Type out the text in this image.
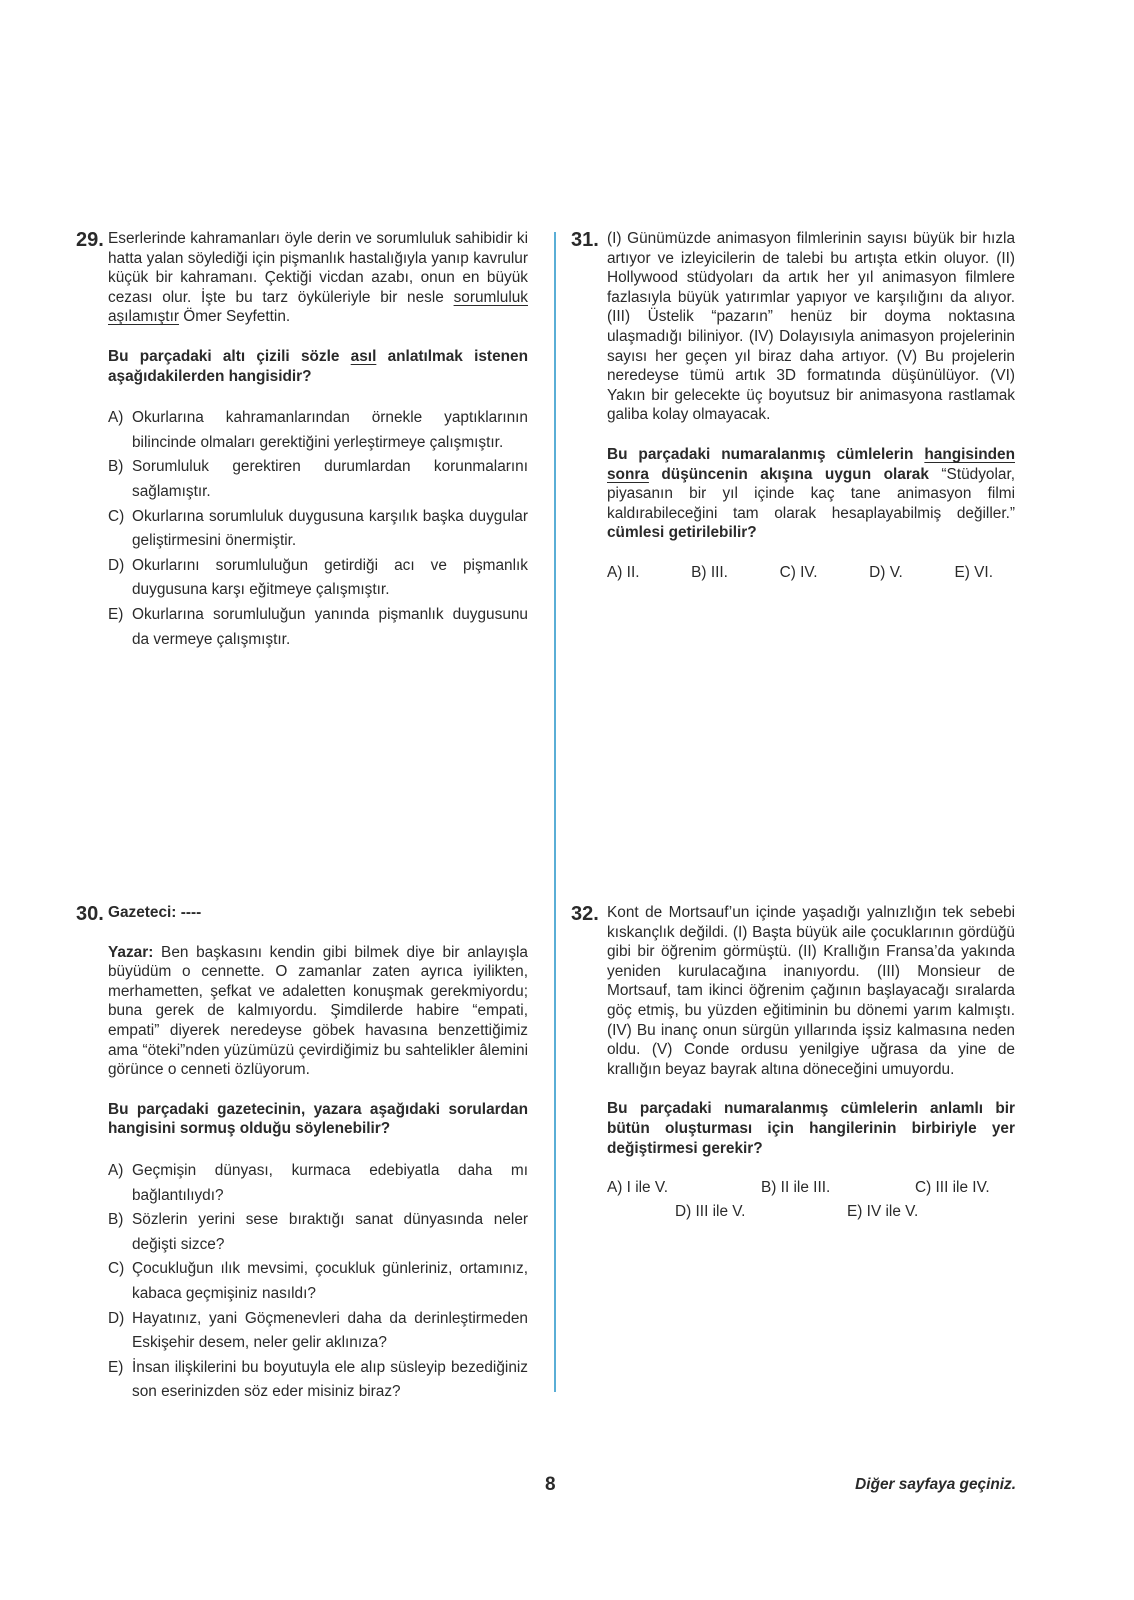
29. Eserlerinde kahramanları öyle derin ve sorumluluk sahibidir ki hatta yalan söylediği için pişmanlık hastalığıyla yanıp kavrulur küçük bir kahramanı. Çektiği vicdan azabı, onun en büyük cezası olur. İşte bu tarz öyküleriyle bir nesle sorumluluk aşılamıştır Ömer Seyfettin.

Bu parçadaki altı çizili sözle asıl anlatılmak istenen aşağıdakilerden hangisidir?

A) Okurlarına kahramanlarından örnekle yaptıklarının bilincinde olmaları gerektiğini yerleştirmeye çalışmıştır.
B) Sorumluluk gerektiren durumlardan korunmalarını sağlamıştır.
C) Okurlarına sorumluluk duygusuna karşılık başka duygular geliştirmesini önermiştir.
D) Okurlarını sorumluluğun getirdiği acı ve pişmanlık duygusuna karşı eğitmeye çalışmıştır.
E) Okurlarına sorumluluğun yanında pişmanlık duygusunu da vermeye çalışmıştır.
31. (I) Günümüzde animasyon filmlerinin sayısı büyük bir hızla artıyor ve izleyicilerin de talebi bu artışta etkin oluyor. (II) Hollywood stüdyoları da artık her yıl animasyon filmlere fazlasıyla büyük yatırımlar yapıyor ve karşılığını da alıyor. (III) Üstelik “pazarın” henüz bir doyma noktasına ulaşmadığı biliniyor. (IV) Dolayısıyla animasyon projelerinin sayısı her geçen yıl biraz daha artıyor. (V) Bu projelerin neredeyse tümü artık 3D formatında düşünülüyor. (VI) Yakın bir gelecekte üç boyutsuz bir animasyona rastlamak galiba kolay olmayacak.

Bu parçadaki numaralanmış cümlelerin hangisinden sonra düşüncenin akışına uygun olarak “Stüdyolar, piyasanın bir yıl içinde kaç tane animasyon filmi kaldırabileceğini tam olarak hesaplayabilmiş değiller.” cümlesi getirilebilir?

A) II.	B) III.	C) IV.	D) V.	E) VI.
30. Gazeteci: ----

Yazar: Ben başkasını kendin gibi bilmek diye bir anlayışla büyüdüm o cennette. O zamanlar zaten ayrıca iyilikten, merhametten, şefkat ve adaletten konuşmak gerekmiyordu; buna gerek de kalmıyordu. Şimdilerde habire “empati, empati” diyerek neredeyse göbek havasına benzettiğimiz ama “öteki”nden yüzümüzü çevirdiğimiz bu sahtelikler âlemini görünce o cenneti özlüyorum.

Bu parçadaki gazetecinin, yazara aşağıdaki sorulardan hangisini sormuş olduğu söylenebilir?

A) Geçmişin dünyası, kurmaca edebiyatla daha mı bağlantılıydı?
B) Sözlerin yerini sese bıraktığı sanat dünyasında neler değişti sizce?
C) Çocukluğun ılık mevsimi, çocukluk günleriniz, ortamınız, kabaca geçmişiniz nasıldı?
D) Hayatınız, yani Göçmenevleri daha da derinleştirmeden Eskişehir desem, neler gelir aklınıza?
E) İnsan ilişkilerini bu boyutuyla ele alıp süsleyip bezediğiniz son eserinizden söz eder misiniz biraz?
32. Kont de Mortsauf’un içinde yaşadığı yalnızlığın tek sebebi kıskançlık değildi. (I) Başta büyük aile çocuklarının gördüğü gibi bir öğrenim görmüştü. (II) Krallığın Fransa’da yakında yeniden kurulacağına inanıyordu. (III) Monsieur de Mortsauf, tam ikinci öğrenim çağının başlayacağı sıralarda göç etmiş, bu yüzden eğitiminin bu dönemi yarım kalmıştı. (IV) Bu inanç onun sürgün yıllarında işsiz kalmasına neden oldu. (V) Conde ordusu yenilgiye uğrasa da yine de krallığın beyaz bayrak altına döneceğini umuyordu.

Bu parçadaki numaralanmış cümlelerin anlamlı bir bütün oluşturması için hangilerinin birbiriyle yer değiştirmesi gerekir?

A) I ile V.	B) II ile III.	C) III ile IV.
D) III ile V.	E) IV ile V.
8	Diğer sayfaya geçiniz.
